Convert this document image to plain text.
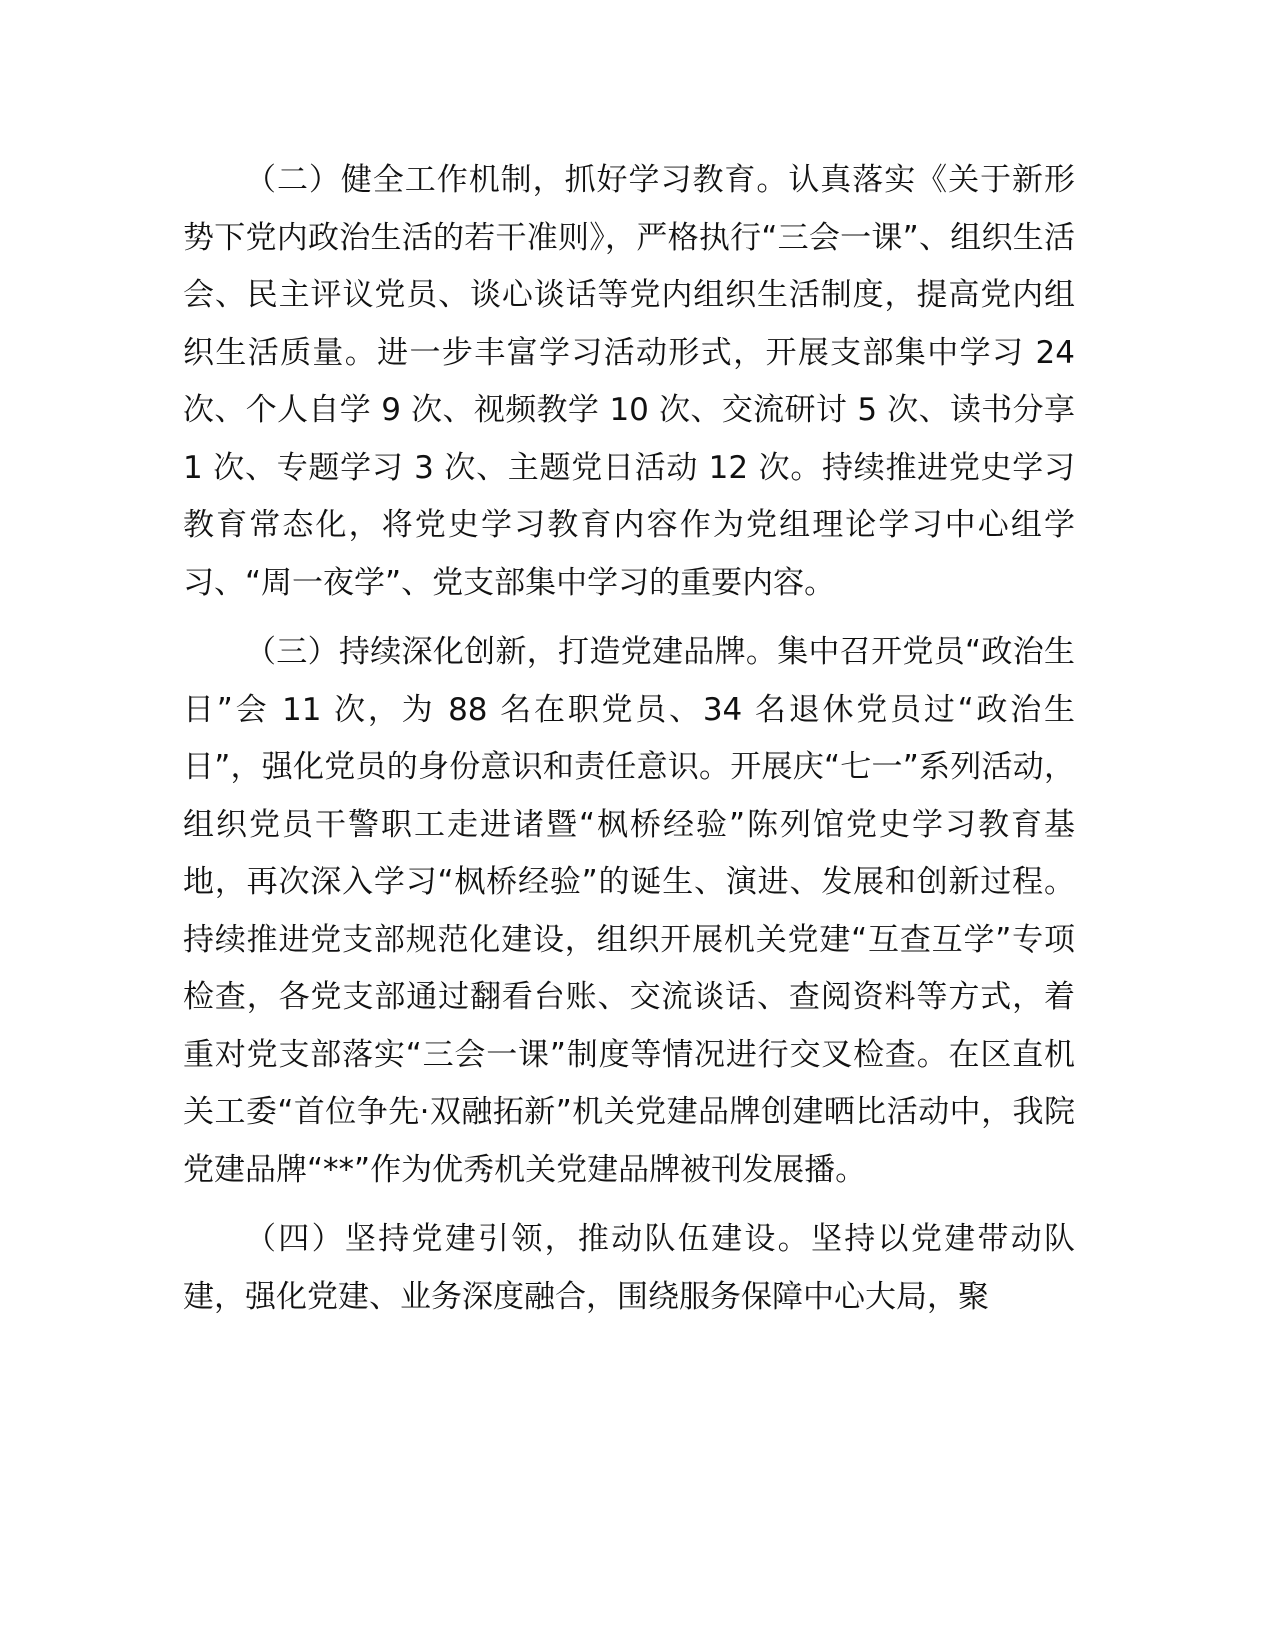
（二）健全工作机制，抓好学习教育。认真落实《关于新形势下党内政治生活的若干准则》，严格执行“三会一课”、组织生活会、民主评议党员、谈心谈话等党内组织生活制度，提高党内组织生活质量。进一步丰富学习活动形式，开展支部集中学习 24 次、个人自学 9 次、视频教学 10 次、交流研讨 5 次、读书分享 1 次、专题学习 3 次、主题党日活动 12 次。持续推进党史学习教育常态化，将党史学习教育内容作为党组理论学习中心组学习、“周一夜学”、党支部集中学习的重要内容。

（三）持续深化创新，打造党建品牌。集中召开党员“政治生日”会 11 次，为 88 名在职党员、34 名退休党员过“政治生日”，强化党员的身份意识和责任意识。开展庆“七一”系列活动，组织党员干警职工走进诸暨“枫桥经验”陈列馆党史学习教育基地，再次深入学习“枫桥经验”的诞生、演进、发展和创新过程。持续推进党支部规范化建设，组织开展机关党建“互查互学”专项检查，各党支部通过翻看台账、交流谈话、查阅资料等方式，着重对党支部落实“三会一课”制度等情况进行交叉检查。在区直机关工委“首位争先·双融拓新”机关党建品牌创建晒比活动中，我院党建品牌“**”作为优秀机关党建品牌被刊发展播。

（四）坚持党建引领，推动队伍建设。坚持以党建带动队建，强化党建、业务深度融合，围绕服务保障中心大局，聚
